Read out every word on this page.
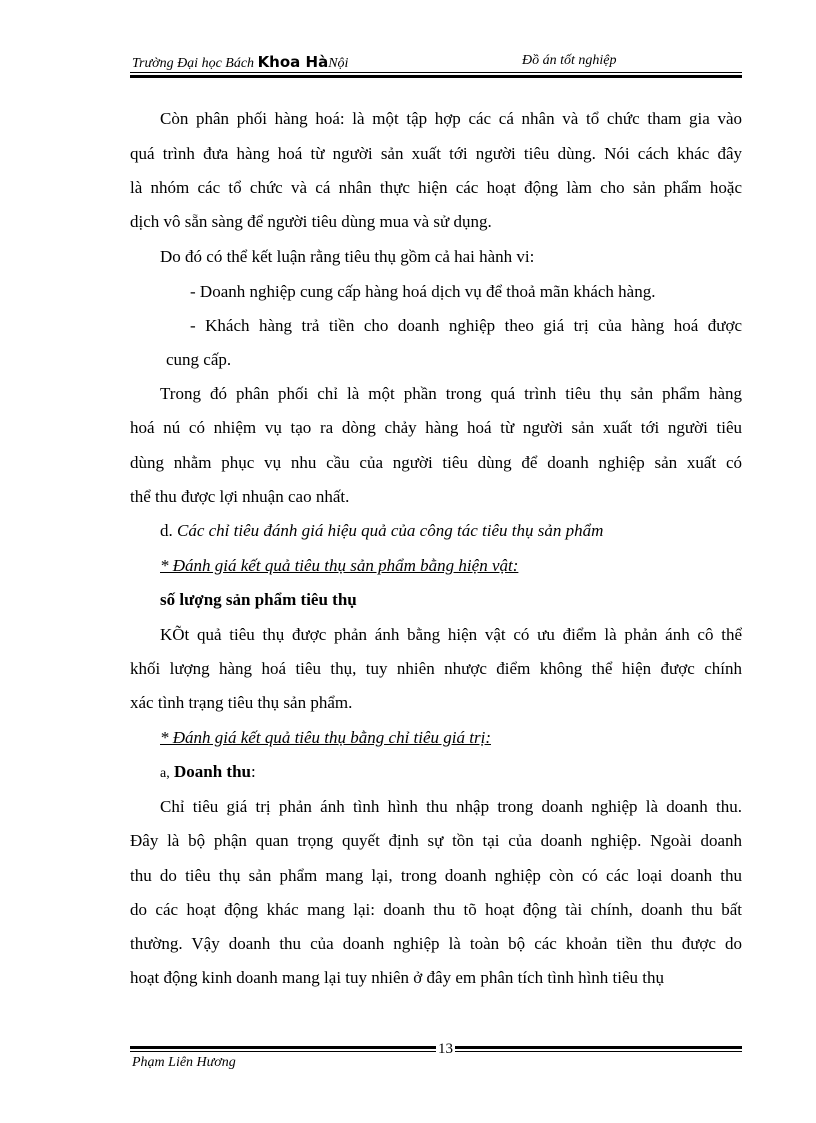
Trường Đại học Bách Khoa HàNội	Đồ án tốt nghiệp
Còn phân phối hàng hoá: là một tập hợp các cá nhân và tổ chức tham gia vào
quá trình đưa hàng hoá từ người sản xuất tới người tiêu dùng. Nói cách khác đây
là nhóm các tổ chức và cá nhân thực hiện các hoạt động làm cho sản phẩm hoặc
dịch vô sẵn sàng để người tiêu dùng mua và sử dụng.
Do đó có thể kết luận rằng tiêu thụ gồm cả hai hành vi:
- Doanh nghiệp cung cấp hàng hoá dịch vụ để thoả mãn khách hàng.
- Khách hàng trả tiền cho doanh nghiệp theo giá trị của hàng hoá được
cung cấp.
Trong đó phân phối chỉ là một phần trong quá trình tiêu thụ sản phẩm hàng
hoá nú có nhiệm vụ tạo ra dòng chảy hàng hoá từ người sản xuất tới người tiêu
dùng nhằm phục vụ nhu cầu của người tiêu dùng để doanh nghiệp sản xuất có
thể thu được lợi nhuận cao nhất.
d. Các chỉ tiêu đánh giá hiệu quả của công tác tiêu thụ sản phẩm
* Đánh giá kết quả tiêu thụ sản phẩm bằng hiện vật:
số lượng sản phẩm tiêu thụ
KÕt quả tiêu thụ được phản ánh bằng hiện vật có ưu điểm là phản ánh cô thể
khối lượng hàng hoá tiêu thụ, tuy nhiên nhược điểm không thể hiện được chính
xác tình trạng tiêu thụ sản phẩm.
* Đánh giá kết quả tiêu thụ bằng chỉ tiêu giá trị:
a, Doanh thu:
Chỉ tiêu giá trị phản ánh tình hình thu nhập trong doanh nghiệp là doanh thu.
Đây là bộ phận quan trọng quyết định sự tồn tại của doanh nghiệp. Ngoài doanh
thu do tiêu thụ sản phẩm mang lại, trong doanh nghiệp còn có các loại doanh thu
do các hoạt động khác mang lại: doanh thu tõ hoạt động tài chính, doanh thu bất
thường. Vậy doanh thu của doanh nghiệp là toàn bộ các khoản tiền thu được do
hoạt động kinh doanh mang lại tuy nhiên ở đây em phân tích tình hình tiêu thụ
13
Phạm Liên Hương
